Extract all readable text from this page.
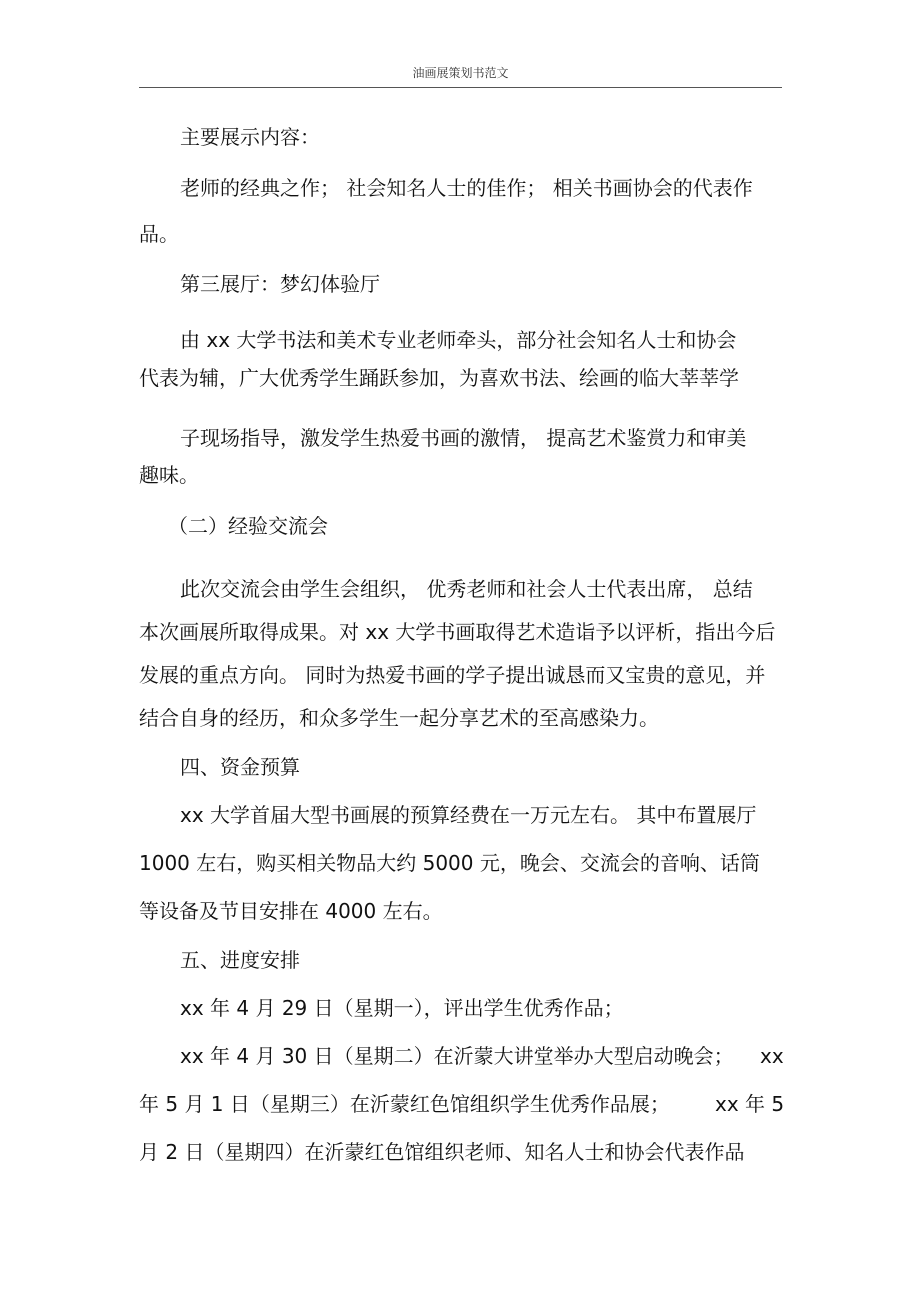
油画展策划书范文
主要展示内容：
老师的经典之作； 社会知名人士的佳作； 相关书画协会的代表作
品。
第三展厅：梦幻体验厅
由 xx 大学书法和美术专业老师牵头，部分社会知名人士和协会
代表为辅，广大优秀学生踊跃参加，为喜欢书法、绘画的临大莘莘学
子现场指导，激发学生热爱书画的激情， 提高艺术鉴赏力和审美
趣味。
（二）经验交流会
此次交流会由学生会组织， 优秀老师和社会人士代表出席， 总结
本次画展所取得成果。对 xx 大学书画取得艺术造诣予以评析，指出今后
发展的重点方向。 同时为热爱书画的学子提出诚恳而又宝贵的意见，并
结合自身的经历，和众多学生一起分享艺术的至高感染力。
四、资金预算
xx 大学首届大型书画展的预算经费在一万元左右。 其中布置展厅
1000 左右，购买相关物品大约 5000 元，晚会、交流会的音响、话筒
等设备及节目安排在 4000 左右。
五、进度安排
xx 年 4 月 29 日（星期一），评出学生优秀作品；
xx 年 4 月 30 日（星期二）在沂蒙大讲堂举办大型启动晚会； xx
年 5 月 1 日（星期三）在沂蒙红色馆组织学生优秀作品展； xx 年 5
月 2 日（星期四）在沂蒙红色馆组织老师、知名人士和协会代表作品
